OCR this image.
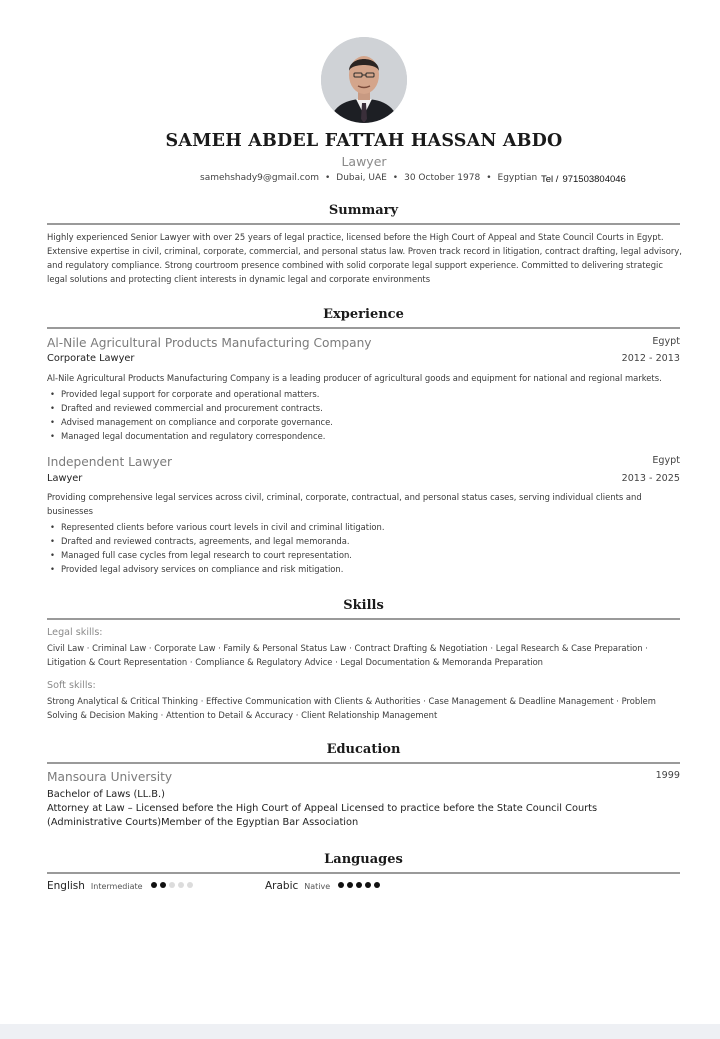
SAMEH ABDEL FATTAH HASSAN ABDO
Lawyer
samehshady9@gmail.com • Dubai, UAE • 30 October 1978 • Egyptian Tel / 971503804046
Summary
Highly experienced Senior Lawyer with over 25 years of legal practice, licensed before the High Court of Appeal and State Council Courts in Egypt. Extensive expertise in civil, criminal, corporate, commercial, and personal status law. Proven track record in litigation, contract drafting, legal advisory, and regulatory compliance. Strong courtroom presence combined with solid corporate legal support experience. Committed to delivering strategic legal solutions and protecting client interests in dynamic legal and corporate environments
Experience
Al-Nile Agricultural Products Manufacturing Company	Egypt
Corporate Lawyer	2012 - 2013
Al-Nile Agricultural Products Manufacturing Company is a leading producer of agricultural goods and equipment for national and regional markets.
• Provided legal support for corporate and operational matters.
• Drafted and reviewed commercial and procurement contracts.
• Advised management on compliance and corporate governance.
• Managed legal documentation and regulatory correspondence.
Independent Lawyer	Egypt
Lawyer	2013 - 2025
Providing comprehensive legal services across civil, criminal, corporate, contractual, and personal status cases, serving individual clients and businesses
• Represented clients before various court levels in civil and criminal litigation.
• Drafted and reviewed contracts, agreements, and legal memoranda.
• Managed full case cycles from legal research to court representation.
• Provided legal advisory services on compliance and risk mitigation.
Skills
Legal skills:
Civil Law · Criminal Law · Corporate Law · Family & Personal Status Law · Contract Drafting & Negotiation · Legal Research & Case Preparation · Litigation & Court Representation · Compliance & Regulatory Advice · Legal Documentation & Memoranda Preparation
Soft skills:
Strong Analytical & Critical Thinking · Effective Communication with Clients & Authorities · Case Management & Deadline Management · Problem Solving & Decision Making · Attention to Detail & Accuracy · Client Relationship Management
Education
Mansoura University	1999
Bachelor of Laws (LL.B.)
Attorney at Law – Licensed before the High Court of Appeal Licensed to practice before the State Council Courts (Administrative Courts)Member of the Egyptian Bar Association
Languages
English Intermediate	Arabic Native
